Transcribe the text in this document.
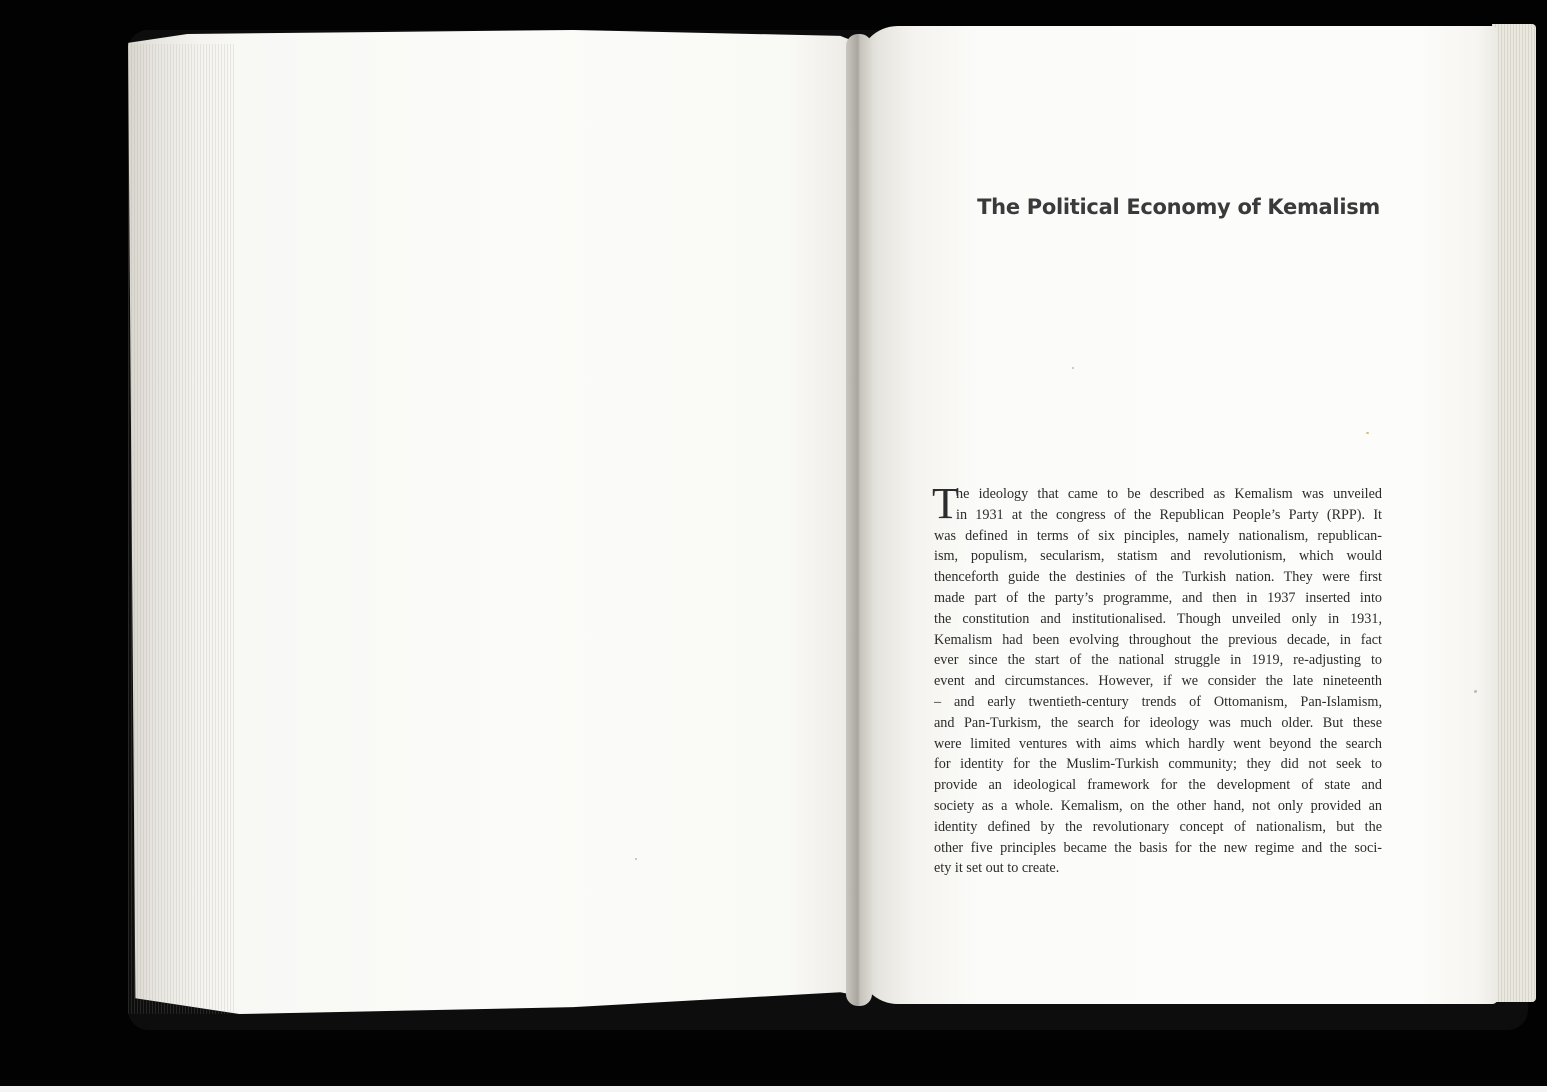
The Political Economy of Kemalism
T
he ideology that came to be described as Kemalism was unveiled
in 1931 at the congress of the Republican People’s Party (RPP). It
was defined in terms of six pinciples, namely nationalism, republican-
ism, populism, secularism, statism and revolutionism, which would
thenceforth guide the destinies of the Turkish nation. They were first
made part of the party’s programme, and then in 1937 inserted into
the constitution and institutionalised. Though unveiled only in 1931,
Kemalism had been evolving throughout the previous decade, in fact
ever since the start of the national struggle in 1919, re-adjusting to
event and circumstances. However, if we consider the late nineteenth
– and early twentieth-century trends of Ottomanism, Pan-Islamism,
and Pan-Turkism, the search for ideology was much older. But these
were limited ventures with aims which hardly went beyond the search
for identity for the Muslim-Turkish community; they did not seek to
provide an ideological framework for the development of state and
society as a whole. Kemalism, on the other hand, not only provided an
identity defined by the revolutionary concept of nationalism, but the
other five principles became the basis for the new regime and the soci-
ety it set out to create.
